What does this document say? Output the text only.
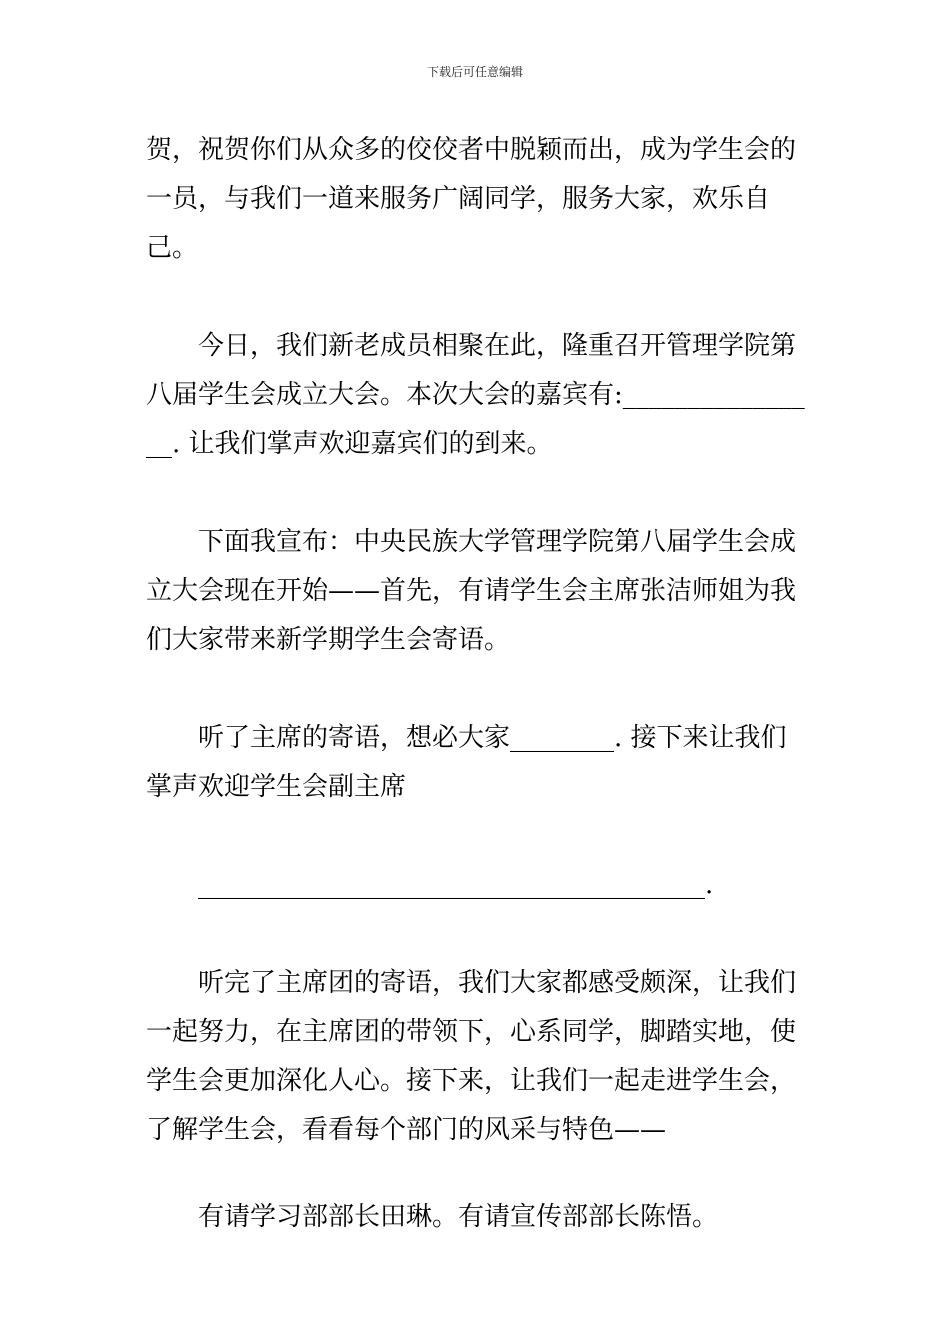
下载后可任意编辑

贺，祝贺你们从众多的佼佼者中脱颖而出，成为学生会的一员，与我们一道来服务广阔同学，服务大家，欢乐自己。

今日，我们新老成员相聚在此，隆重召开管理学院第八届学生会成立大会。本次大会的嘉宾有:________________. 让我们掌声欢迎嘉宾们的到来。

下面我宣布：中央民族大学管理学院第八届学生会成立大会现在开始——首先，有请学生会主席张洁师姐为我们大家带来新学期学生会寄语。

听了主席的寄语，想必大家________. 接下来让我们掌声欢迎学生会副主席

_______________________________________.

听完了主席团的寄语，我们大家都感受颇深，让我们一起努力，在主席团的带领下，心系同学，脚踏实地，使学生会更加深化人心。接下来，让我们一起走进学生会，了解学生会，看看每个部门的风采与特色——

有请学习部部长田琳。有请宣传部部长陈悟。
